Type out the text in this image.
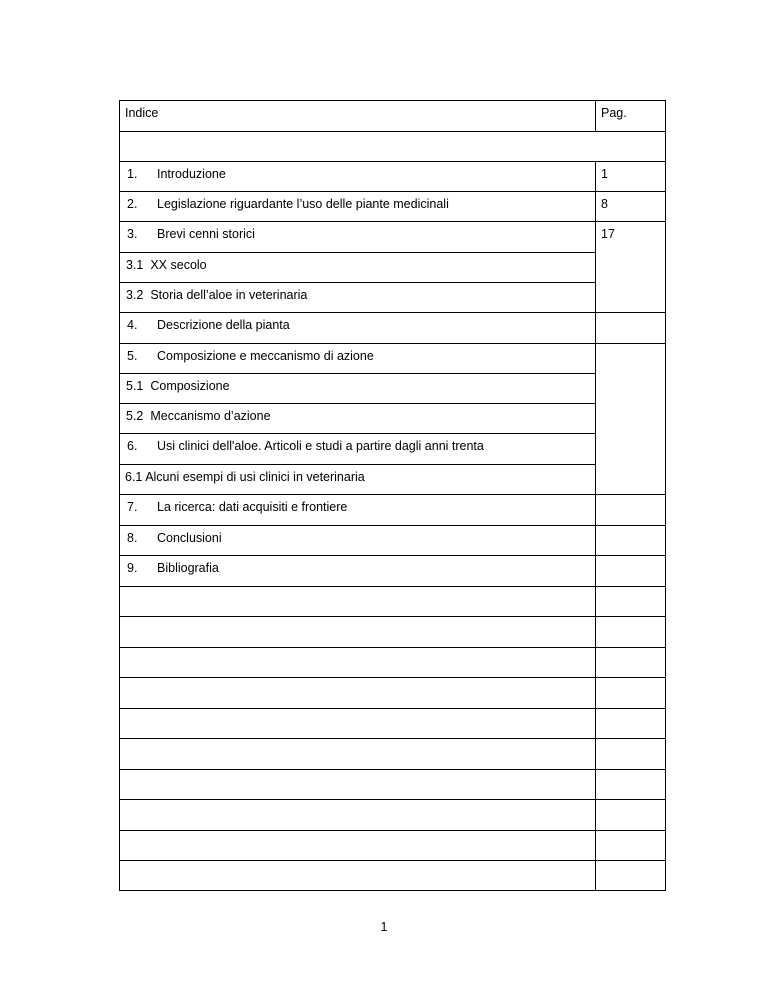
Indice	Pag.

1. Introduzione	1

2. Legislazione riguardante l’uso delle piante medicinali	8

3. Brevi cenni storici	17

3.1 XX secolo	

3.2 Storia dell’aloe in veterinaria	

4. Descrizione della pianta	

5. Composizione e meccanismo di azione	

5.1 Composizione	

5.2 Meccanismo d’azione	

6. Usi clinici dell'aloe. Articoli e studi a partire dagli anni trenta	

6.1 Alcuni esempi di usi clinici in veterinaria	

7. La ricerca: dati acquisiti e frontiere	

8. Conclusioni	

9. Bibliografia	

1
